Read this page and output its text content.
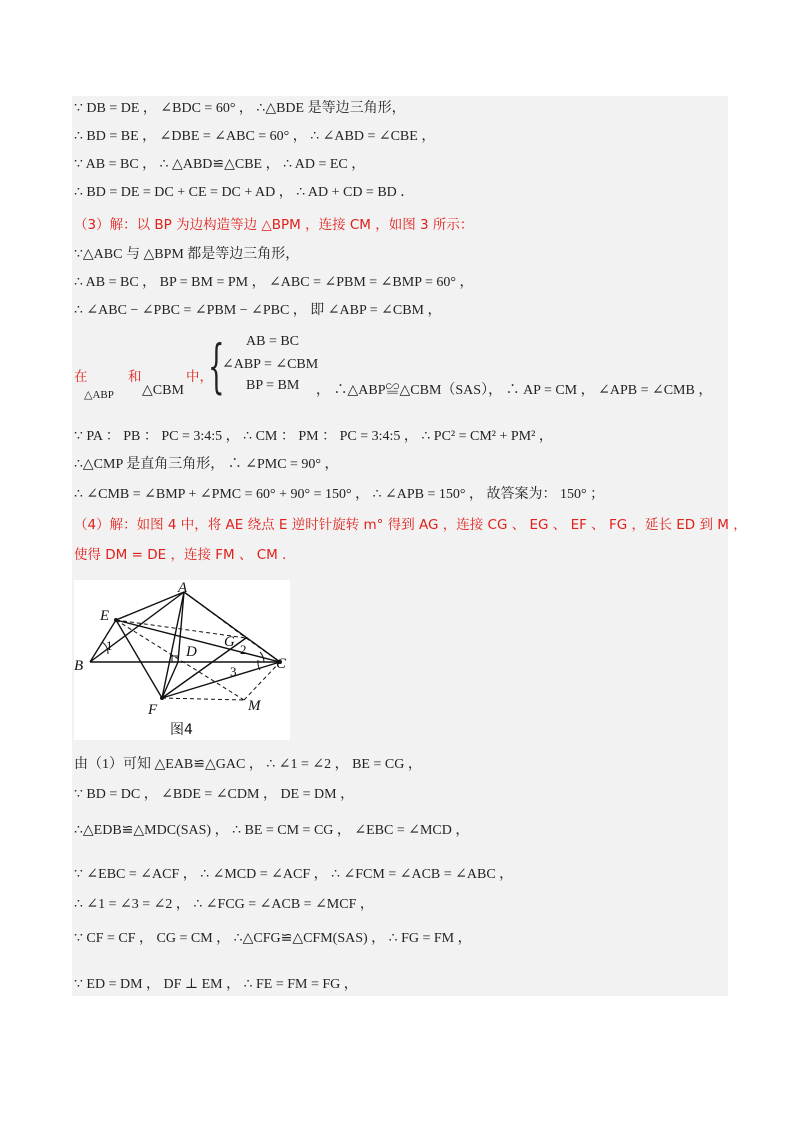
∵ DB = DE ， ∠BDC = 60° ， ∴△BDE 是等边三角形，
∴ BD = BE ， ∠DBE = ∠ABC = 60° ， ∴ ∠ABD = ∠CBE ，
∵ AB = BC ， ∴ △ABD≌△CBE ， ∴ AD = EC ，
∴ BD = DE = DC + CE = DC + AD ， ∴ AD + CD = BD ．
（3）解：以 BP 为边构造等边 △BPM ，连接 CM ，如图 3 所示：
∵△ABC 与 △BPM 都是等边三角形，
∴ AB = BC ， BP = BM = PM ， ∠ABC = ∠PBM = ∠BMP = 60° ，
∴ ∠ABC − ∠PBC = ∠PBM − ∠PBC ， 即 ∠ABP = ∠CBM ，
在
△ABP
和
△CBM
中，
{ AB = BC
∠ABP = ∠CBM
BP = BM ， ∴△ABP≌△CBM（SAS）， ∴ AP = CM ， ∠APB = ∠CMB ，
∵ PA ： PB ： PC = 3:4:5 ， ∴ CM ： PM ： PC = 3:4:5 ， ∴ PC² = CM² + PM² ，
∴△CMP 是直角三角形， ∴ ∠PMC = 90° ，
∴ ∠CMB = ∠BMP + ∠PMC = 60° + 90° = 150° ， ∴ ∠APB = 150° ， 故答案为： 150° ；
（4）解：如图 4 中，将 AE 绕点 E 逆时针旋转 m° 得到 AG ，连接 CG 、 EG 、 EF 、 FG ，延长 ED 到 M ，
使得 DM = DE ，连接 FM 、 CM ．
A
E
B
D
G
C
F	M
1	2
3
图4
由（1）可知 △EAB≌△GAC ， ∴ ∠1 = ∠2 ， BE = CG ，
∵ BD = DC ， ∠BDE = ∠CDM ， DE = DM ，
∴△EDB≌△MDC(SAS) ， ∴ BE = CM = CG ， ∠EBC = ∠MCD ，
∵ ∠EBC = ∠ACF ， ∴ ∠MCD = ∠ACF ， ∴ ∠FCM = ∠ACB = ∠ABC ，
∴ ∠1 = ∠3 = ∠2 ， ∴ ∠FCG = ∠ACB = ∠MCF ，
∵ CF = CF ， CG = CM ， ∴△CFG≌△CFM(SAS) ， ∴ FG = FM ，
∵ ED = DM ， DF ⊥ EM ， ∴ FE = FM = FG ，
